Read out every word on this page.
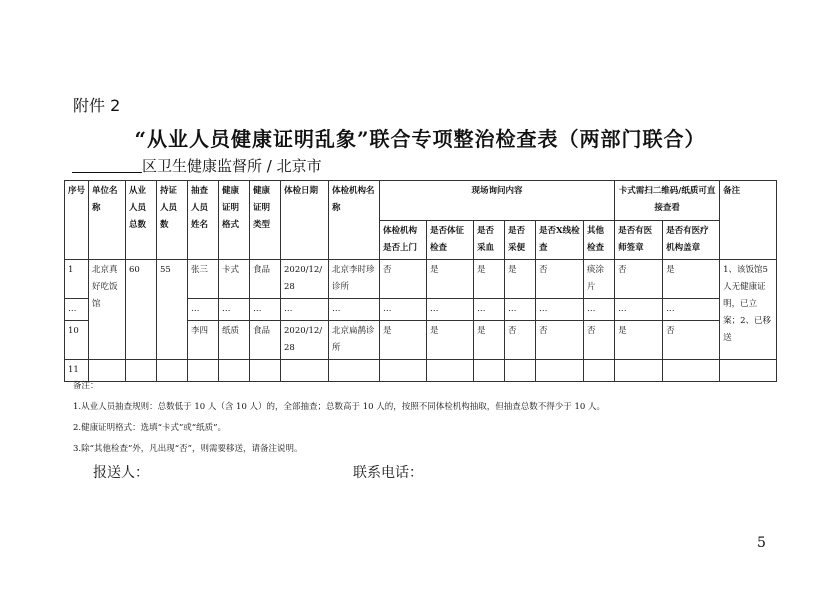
附件 2
“从业人员健康证明乱象”联合专项整治检查表（两部门联合）
区卫生健康监督所 / 北京市
序号	单位名称	从业人员总数	持证人员数	抽查人员姓名	健康证明格式	健康证明类型	体检日期	体检机构名称	现场询问内容						卡式需扫二维码/纸质可直接查看		备注
									体检机构是否上门	是否体征检查	是否采血	是否采便	是否X线检查	其他检查	是否有医师签章	是否有医疗机构盖章	
1	北京真好吃饭馆	60	55	张三	卡式	食品	2020/12/28	北京李时珍诊所	否	是	是	是	否	痰涂片	否	是	1、该饭馆5人无健康证明，已立案；2、已移送
…				…	…	…	…	…	…	…	…	…	…	…	…	…	
10				李四	纸质	食品	2020/12/28	北京扁鹊诊所	是	是	是	否	否	否	是	否	
11																	
备注：
1.从业人员抽查规则：总数低于 10 人（含 10 人）的，全部抽查；总数高于 10 人的，按照不同体检机构抽取，但抽查总数不得少于 10 人。
2.健康证明格式：选填“卡式”或“纸质”。
3.除“其他检查”外，凡出现“否”，则需要移送，请备注说明。
报送人：	联系电话：
5
